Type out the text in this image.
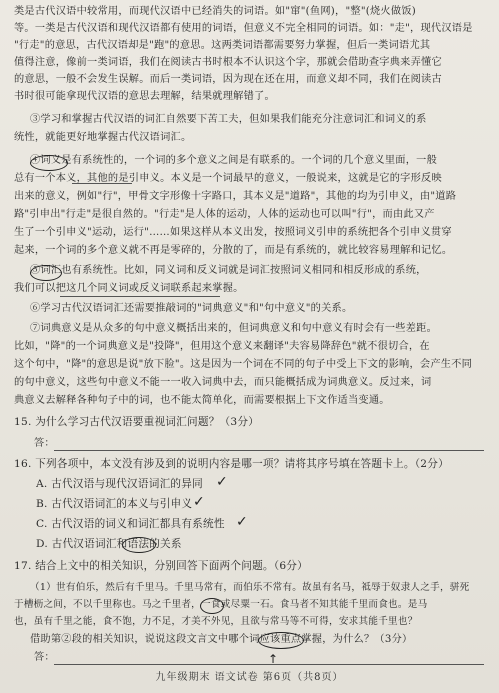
类是古代汉语中较常用，而现代汉语中已经消失的词语。如"窜"(鱼网)，"整"(烧火做饭)
等。一类是古代汉语和现代汉语都有使用的词语，但意义不完全相同的词语。如："走"，现代汉语是
"行走"的意思，古代汉语却是"跑"的意思。这两类词语都需要努力掌握，但后一类词语尤其
值得注意，像前一类词语，我们在阅读古书时根本不认识这个字，那就会借助查字典来弄懂它
的意思，一般不会发生误解。而后一类词语，因为现在还在用，而意义却不同，我们在阅读古
书时很可能拿现代汉语的意思去理解，结果就理解错了。
③学习和掌握古代汉语的词汇自然要下苦工夫，但如果我们能充分注意词汇和词义的系
统性，就能更好地掌握古代汉语词汇。
④词义是有系统性的，一个词的多个意义之间是有联系的。一个词的几个意义里面，一般
总有一个本义，其他的是引申义。本义是一个词最早的意义，一般说来，这就是它的字形反映
出来的意义，例如"行"，甲骨文字形像十字路口，其本义是"道路"，其他的均为引申义，由"道路
路"引申出"行走"是很自然的。"行走"是人体的运动，人体的运动也可以叫"行"，而由此又产
生了一个引申义"运动，运行"……如果这样从本义出发，按照词义引申的系统把各个引申义贯穿
起来，一个词的多个意义就不再是零碎的，分散的了，而是有系统的，就比较容易理解和记忆。
⑤词汇也有系统性。比如，同义词和反义词就是词汇按照词义相同和相反形成的系统，
我们可以把这几个同义词或反义词联系起来掌握。
⑥学习古代汉语词汇还需要推敲词的"词典意义"和"句中意义"的关系。
⑦词典意义是从众多的句中意义概括出来的，但词典意义和句中意义有时会有一些差距。
比如，"降"的一个词典意义是"投降"，但用这个意义来翻译"夫容易降辞色"就不很切合，在
这个句中，"降"的意思是说"放下脸"。这是因为一个词在不同的句子中受上下文的影响，会产生不同
的句中意义，这些句中意义不能一一收入词典中去，而只能概括成为词典意义。反过来，词
典意义去解释各种句子中的词，也不能太简单化，而需要根据上下文作适当变通。
15. 为什么学习古代汉语要重视词汇问题？（3分）
答：
16. 下列各项中，本文没有涉及到的说明内容是哪一项？请将其序号填在答题卡上。（2分）
A. 古代汉语与现代汉语词汇的异同
B. 古代汉语词汇的本义与引申义
C. 古代汉语的词义和词汇都具有系统性
D. 古代汉语词汇和语法的关系
✓
✓
✓
17. 结合上文中的相关知识，分别回答下面两个问题。（6分）
（1）世有伯乐，然后有千里马。千里马常有，而伯乐不常有。故虽有名马，祗辱于奴隶人之手，骈死
于槽枥之间，不以千里称也。马之千里者，一食或尽粟一石。食马者不知其能千里而食也。是马
也，虽有千里之能，食不饱，力不足，才美不外见，且欲与常马等不可得，安求其能千里也？
借助第②段的相关知识，说说这段文言文中哪个词应该重点掌握，为什么？（3分）
答：	↑
九年级期末 语文试卷 第6页（共8页）
